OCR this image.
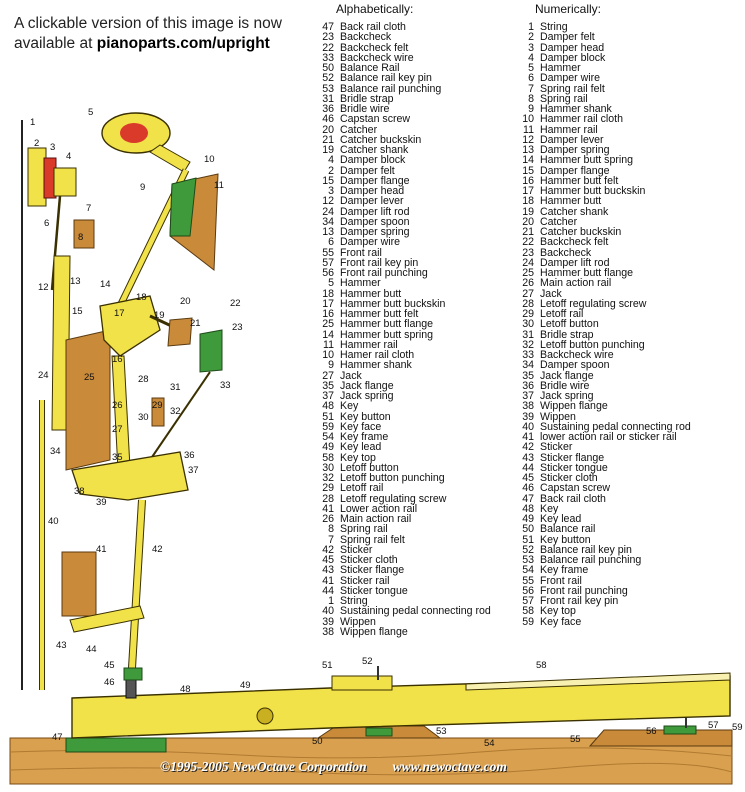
A clickable version of this image is now
available at pianoparts.com/upright
Alphabetically:	Numerically:
47 Back rail cloth
23 Backcheck
22 Backcheck felt
33 Backcheck wire
50 Balance Rail
52 Balance rail key pin
53 Balance rail punching
31 Bridle strap
36 Bridle wire
46 Capstan screw
20 Catcher
21 Catcher buckskin
19 Catcher shank
4 Damper block
2 Damper felt
15 Damper flange
3 Damper head
12 Damper lever
24 Damper lift rod
34 Damper spoon
13 Damper spring
6 Damper wire
55 Front rail
57 Front rail key pin
56 Front rail punching
5 Hammer
18 Hammer butt
17 Hammer butt buckskin
16 Hammer butt felt
25 Hammer butt flange
14 Hammer butt spring
11 Hammer rail
10 Hamer rail cloth
9 Hammer shank
27 Jack
35 Jack flange
37 Jack spring
48 Key
51 Key button
59 Key face
54 Key frame
49 Key lead
58 Key top
30 Letoff button
32 Letoff button punching
29 Letoff rail
28 Letoff regulating screw
41 Lower action rail
26 Main action rail
8 Spring rail
7 Spring rail felt
42 Sticker
45 Sticker cloth
43 Sticker flange
41 Sticker rail
44 Sticker tongue
1 String
40 Sustaining pedal connecting rod
39 Wippen
38 Wippen flange
1 String
2 Damper felt
3 Damper head
4 Damper block
5 Hammer
6 Damper wire
7 Spring rail felt
8 Spring rail
9 Hammer shank
10 Hammer rail cloth
11 Hammer rail
12 Damper lever
13 Damper spring
14 Hammer butt spring
15 Damper flange
16 Hammer butt felt
17 Hammer butt buckskin
18 Hammer butt
19 Catcher shank
20 Catcher
21 Catcher buckskin
22 Backcheck felt
23 Backcheck
24 Damper lift rod
25 Hammer butt flange
26 Main action rail
27 Jack
28 Letoff regulating screw
29 Letoff rail
30 Letoff button
31 Bridle strap
32 Letoff button punching
33 Backcheck wire
34 Damper spoon
35 Jack flange
36 Bridle wire
37 Jack spring
38 Wippen flange
39 Wippen
40 Sustaining pedal connecting rod
41 lower action rail or sticker rail
42 Sticker
43 Sticker flange
44 Sticker tongue
45 Sticker cloth
46 Capstan screw
47 Back rail cloth
48 Key
49 Key lead
50 Balance rail
51 Key button
52 Balance rail key pin
53 Balance rail punching
54 Key frame
55 Front rail
56 Front rail punching
57 Front rail key pin
58 Key top
59 Key face
1
2 3
4
5
6
7
8
9
10
11
12
13 14
15
16
17
18
19
20
21
22
23
24	25
26
27
28
29
30
31
32
33
34
35	36
37
38
39
40
41	42
43 44
45
46
47
48	49
50
51	52
53
54	55
56
57
58
59
©1995-2005 NewOctave Corporation www.newoctave.com
